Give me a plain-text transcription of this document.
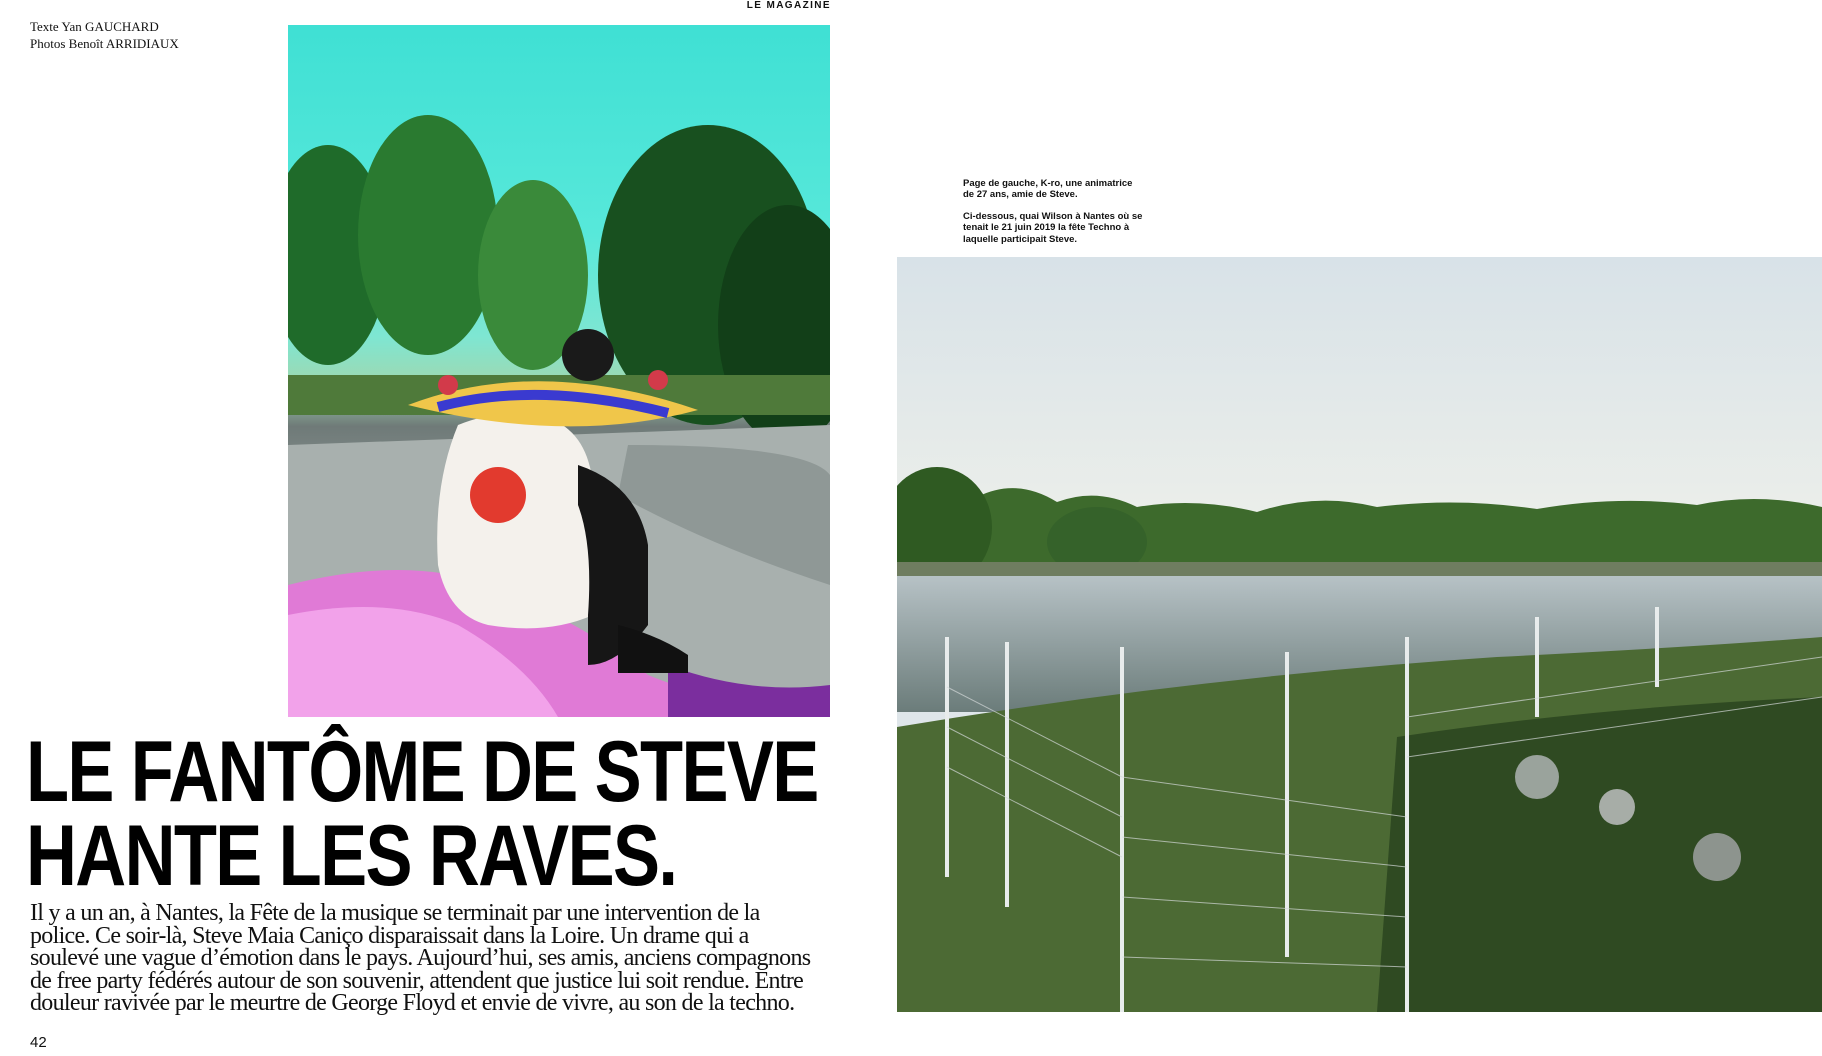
Texte Yan GAUCHARD
Photos Benoît ARRIDIAUX
LE MAGAZINE

Page de gauche, K-ro, une animatrice de 27 ans, amie de Steve.

Ci-dessous, quai Wilson à Nantes où se tenait le 21 juin 2019 la fête Techno à laquelle participait Steve.

LE FANTÔME DE STEVE
HANTE LES RAVES.

Il y a un an, à Nantes, la Fête de la musique se terminait par une intervention de la police. Ce soir-là, Steve Maia Caniço disparaissait dans la Loire. Un drame qui a soulevé une vague d’émotion dans le pays. Aujourd’hui, ses amis, anciens compagnons de free party fédérés autour de son souvenir, attendent que justice lui soit rendue. Entre douleur ravivée par le meurtre de George Floyd et envie de vivre, au son de la techno.

42
